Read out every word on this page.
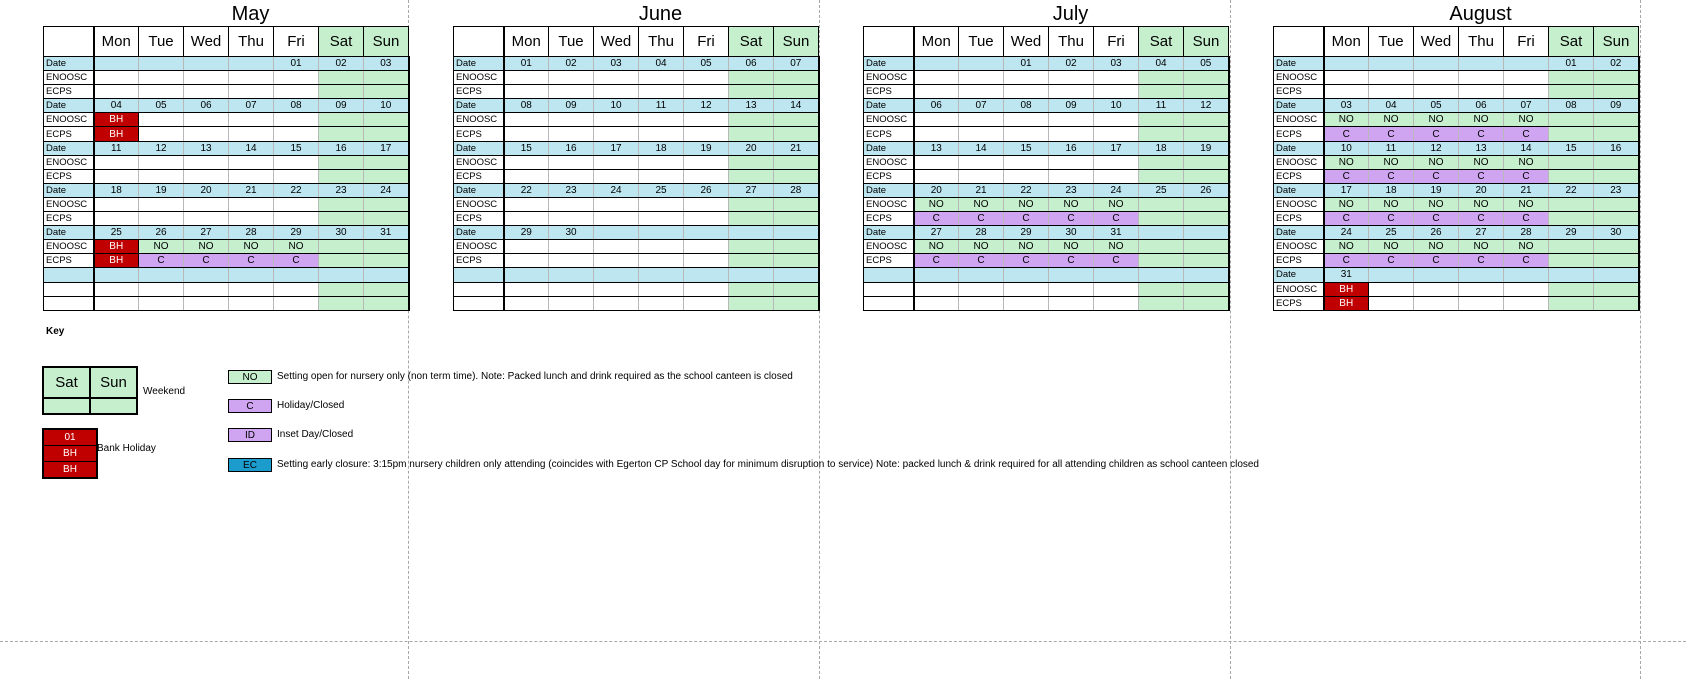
May
	Mon	Tue	Wed	Thu	Fri	Sat	Sun
Date					01	02	03
ENOOSC							
ECPS							
Date	04	05	06	07	08	09	10
ENOOSC	BH						
ECPS	BH						
Date	11	12	13	14	15	16	17
ENOOSC							
ECPS							
Date	18	19	20	21	22	23	24
ENOOSC							
ECPS							
Date	25	26	27	28	29	30	31
ENOOSC	BH	NO	NO	NO	NO		
ECPS	BH	C	C	C	C		

June
	Mon	Tue	Wed	Thu	Fri	Sat	Sun
Date	01	02	03	04	05	06	07
ENOOSC							
ECPS							
Date	08	09	10	11	12	13	14
ENOOSC							
ECPS							
Date	15	16	17	18	19	20	21
ENOOSC							
ECPS							
Date	22	23	24	25	26	27	28
ENOOSC							
ECPS							
Date	29	30					
ENOOSC							
ECPS							

July
	Mon	Tue	Wed	Thu	Fri	Sat	Sun
Date			01	02	03	04	05
ENOOSC							
ECPS							
Date	06	07	08	09	10	11	12
ENOOSC							
ECPS							
Date	13	14	15	16	17	18	19
ENOOSC							
ECPS							
Date	20	21	22	23	24	25	26
ENOOSC	NO	NO	NO	NO	NO		
ECPS	C	C	C	C	C		
Date	27	28	29	30	31		
ENOOSC	NO	NO	NO	NO	NO		
ECPS	C	C	C	C	C		

August
	Mon	Tue	Wed	Thu	Fri	Sat	Sun
Date						01	02
ENOOSC							
ECPS							
Date	03	04	05	06	07	08	09
ENOOSC	NO	NO	NO	NO	NO		
ECPS	C	C	C	C	C		
Date	10	11	12	13	14	15	16
ENOOSC	NO	NO	NO	NO	NO		
ECPS	C	C	C	C	C		
Date	17	18	19	20	21	22	23
ENOOSC	NO	NO	NO	NO	NO		
ECPS	C	C	C	C	C		
Date	24	25	26	27	28	29	30
ENOOSC	NO	NO	NO	NO	NO		
ECPS	C	C	C	C	C		
Date	31						
ENOOSC	BH						
ECPS	BH						
Key
Sat	Sun

Weekend
01
BH
BH
Bank Holiday
NO	Setting open for nursery only (non term time). Note: Packed lunch and drink required as the school canteen is closed
C	Holiday/Closed
ID	Inset Day/Closed
EC	Setting early closure: 3:15pm nursery children only attending (coincides with Egerton CP School day for minimum disruption to service) Note: packed lunch & drink required for all attending children as school canteen closed
